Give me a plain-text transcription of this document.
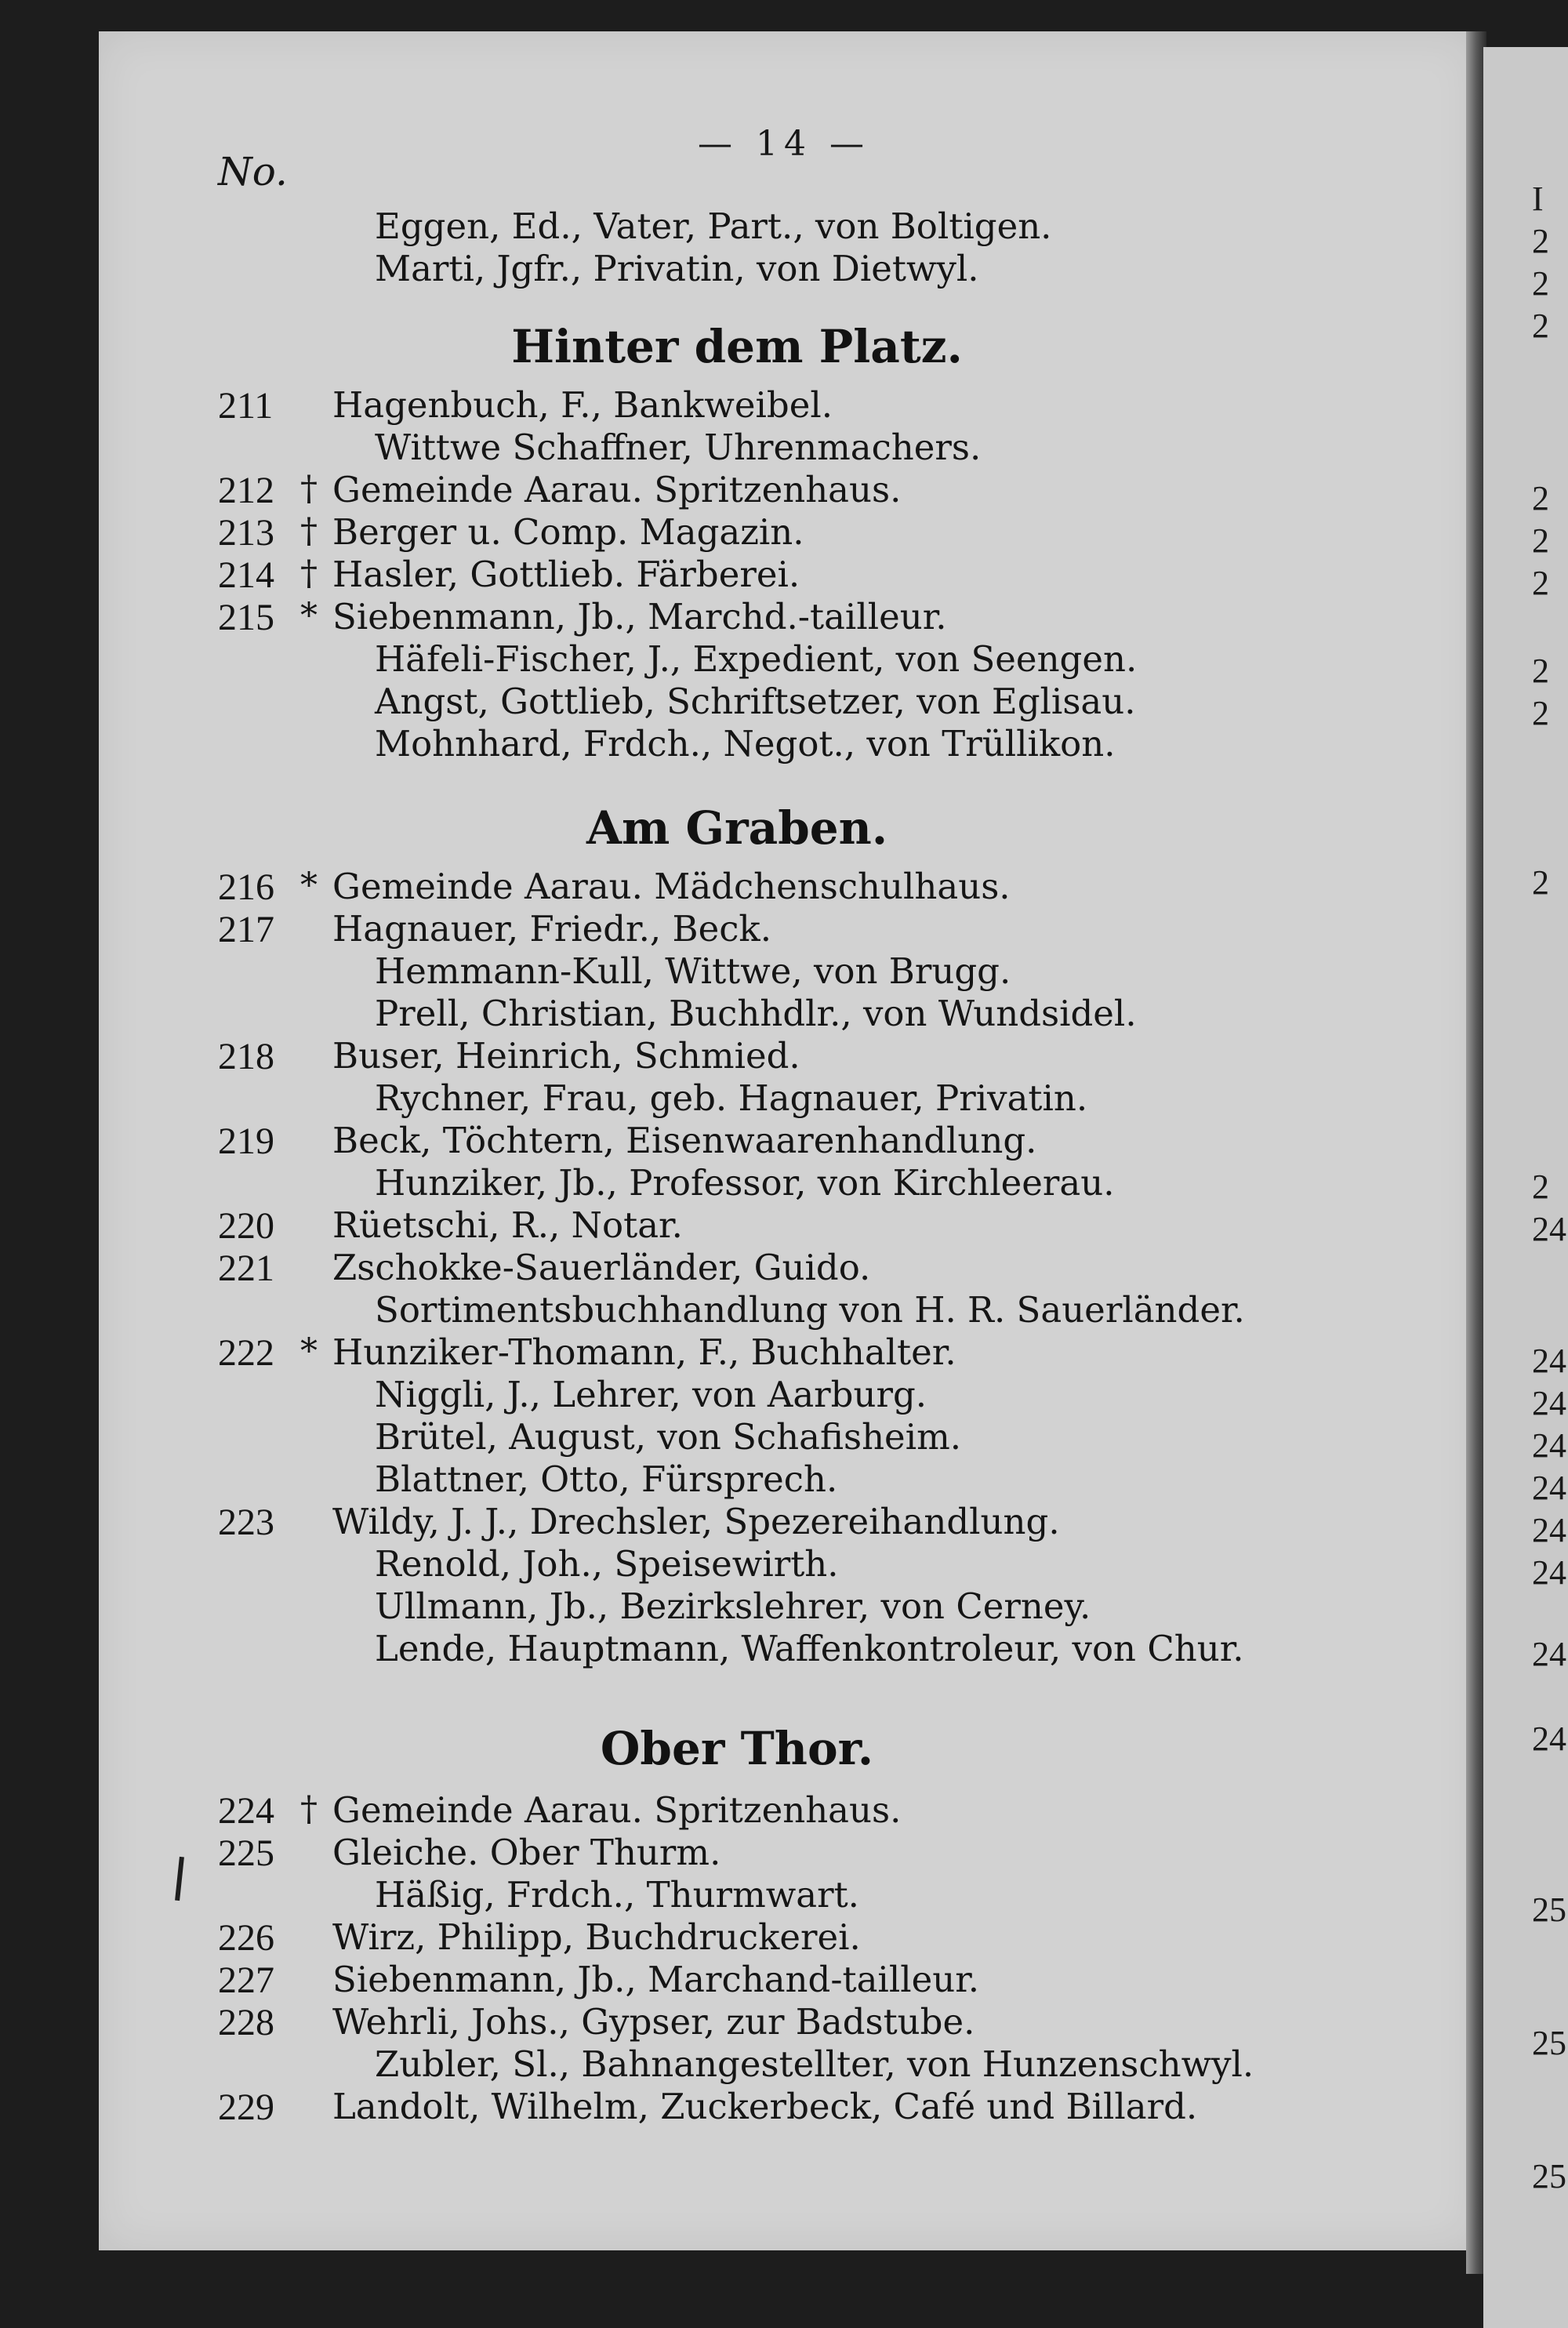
I
2
2
2
2
2
2
2
2
2
2
24
24
24
24
24
24
24
24
24
25
25
25
No.
— 14 —
Hinter dem Platz.
Am Graben.
Ober Thor.
Eggen, Ed., Vater, Part., von Boltigen.
Marti, Jgfr., Privatin, von Dietwyl.
211	Hagenbuch, F., Bankweibel.
Wittwe Schaffner, Uhrenmachers.
212 † Gemeinde Aarau. Spritzenhaus.
213 † Berger u. Comp. Magazin.
214 † Hasler, Gottlieb. Färberei.
215 * Siebenmann, Jb., Marchd.-tailleur.
Häfeli-Fischer, J., Expedient, von Seengen.
Angst, Gottlieb, Schriftsetzer, von Eglisau.
Mohnhard, Frdch., Negot., von Trüllikon.
216 * Gemeinde Aarau. Mädchenschulhaus.
217	Hagnauer, Friedr., Beck.
Hemmann-Kull, Wittwe, von Brugg.
Prell, Christian, Buchhdlr., von Wundsidel.
218	Buser, Heinrich, Schmied.
Rychner, Frau, geb. Hagnauer, Privatin.
219	Beck, Töchtern, Eisenwaarenhandlung.
Hunziker, Jb., Professor, von Kirchleerau.
220	Rüetschi, R., Notar.
221	Zschokke-Sauerländer, Guido.
Sortimentsbuchhandlung von H. R. Sauerländer.
222 * Hunziker-Thomann, F., Buchhalter.
Niggli, J., Lehrer, von Aarburg.
Brütel, August, von Schafisheim.
Blattner, Otto, Fürsprech.
223	Wildy, J. J., Drechsler, Spezereihandlung.
Renold, Joh., Speisewirth.
Ullmann, Jb., Bezirkslehrer, von Cerney.
Lende, Hauptmann, Waffenkontroleur, von Chur.
224 † Gemeinde Aarau. Spritzenhaus.
225	Gleiche. Ober Thurm.
Häßig, Frdch., Thurmwart.
226	Wirz, Philipp, Buchdruckerei.
227	Siebenmann, Jb., Marchand-tailleur.
228	Wehrli, Johs., Gypser, zur Badstube.
Zubler, Sl., Bahnangestellter, von Hunzenschwyl.
229	Landolt, Wilhelm, Zuckerbeck, Café und Billard.
